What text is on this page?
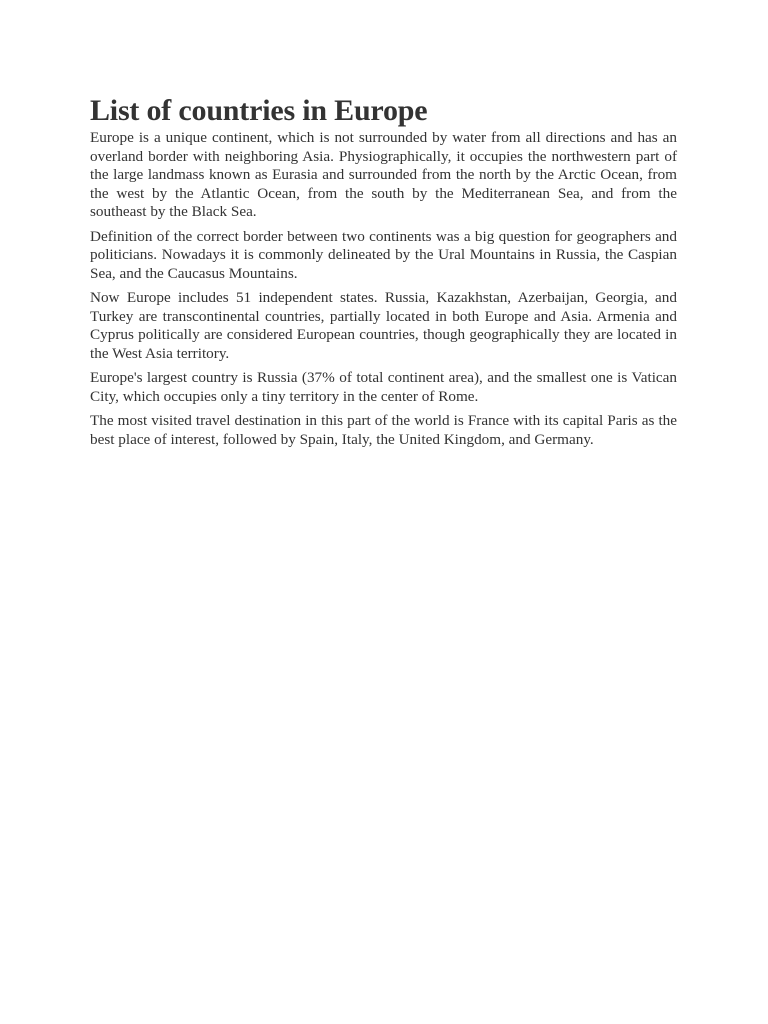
List of countries in Europe

Europe is a unique continent, which is not surrounded by water from all directions and has an overland border with neighboring Asia. Physiographically, it occupies the northwestern part of the large landmass known as Eurasia and surrounded from the north by the Arctic Ocean, from the west by the Atlantic Ocean, from the south by the Mediterranean Sea, and from the southeast by the Black Sea.

Definition of the correct border between two continents was a big question for geographers and politicians. Nowadays it is commonly delineated by the Ural Mountains in Russia, the Caspian Sea, and the Caucasus Mountains.

Now Europe includes 51 independent states. Russia, Kazakhstan, Azerbaijan, Georgia, and Turkey are transcontinental countries, partially located in both Europe and Asia. Armenia and Cyprus politically are considered European countries, though geographically they are located in the West Asia territory.

Europe's largest country is Russia (37% of total continent area), and the smallest one is Vatican City, which occupies only a tiny territory in the center of Rome.

The most visited travel destination in this part of the world is France with its capital Paris as the best place of interest, followed by Spain, Italy, the United Kingdom, and Germany.
